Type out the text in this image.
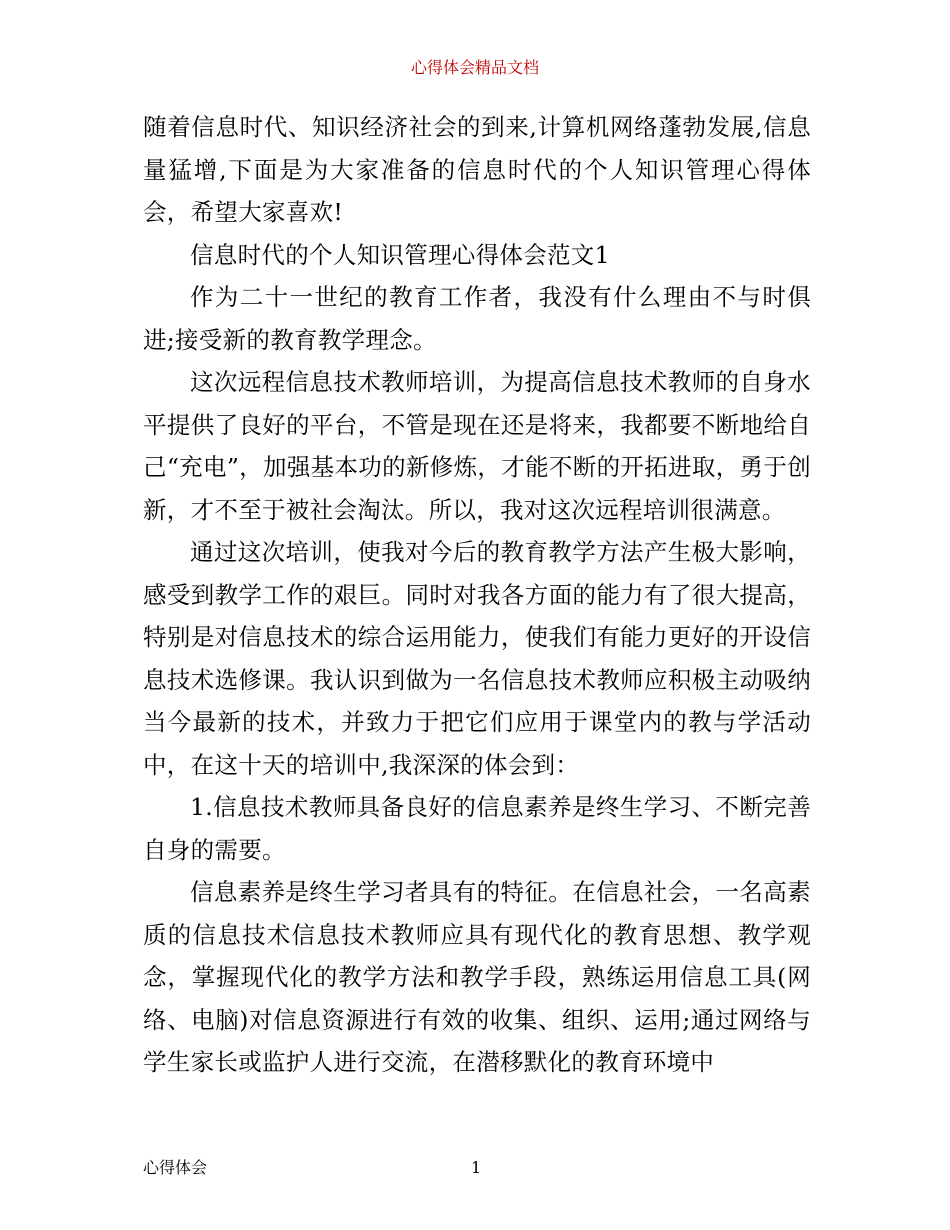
心得体会精品文档

随着信息时代、知识经济社会的到来,计算机网络蓬勃发展,信息量猛增,下面是为大家准备的信息时代的个人知识管理心得体会，希望大家喜欢!

信息时代的个人知识管理心得体会范文1

作为二十一世纪的教育工作者，我没有什么理由不与时俱进;接受新的教育教学理念。

这次远程信息技术教师培训，为提高信息技术教师的自身水平提供了良好的平台，不管是现在还是将来，我都要不断地给自己“充电”，加强基本功的新修炼，才能不断的开拓进取，勇于创新，才不至于被社会淘汰。所以，我对这次远程培训很满意。

通过这次培训，使我对今后的教育教学方法产生极大影响，感受到教学工作的艰巨。同时对我各方面的能力有了很大提高，特别是对信息技术的综合运用能力，使我们有能力更好的开设信息技术选修课。我认识到做为一名信息技术教师应积极主动吸纳当今最新的技术，并致力于把它们应用于课堂内的教与学活动中，在这十天的培训中,我深深的体会到：

1.信息技术教师具备良好的信息素养是终生学习、不断完善自身的需要。

信息素养是终生学习者具有的特征。在信息社会，一名高素质的信息技术信息技术教师应具有现代化的教育思想、教学观念，掌握现代化的教学方法和教学手段，熟练运用信息工具(网络、电脑)对信息资源进行有效的收集、组织、运用;通过网络与学生家长或监护人进行交流，在潜移默化的教育环境中

心得体会	1
